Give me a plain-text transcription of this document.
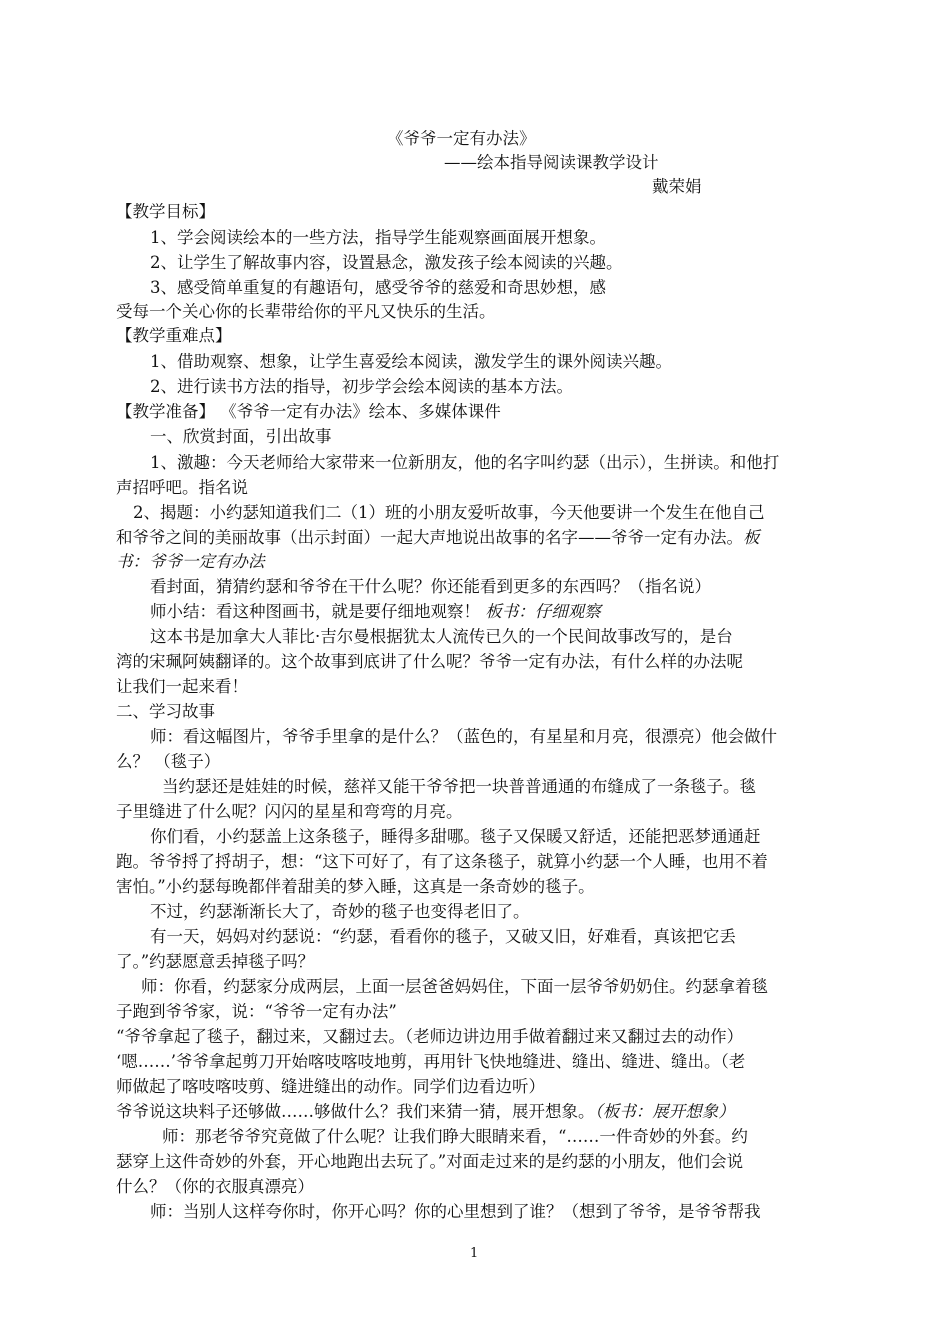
《爷爷一定有办法》
——绘本指导阅读课教学设计
戴荣娟
【教学目标】
1、学会阅读绘本的一些方法，指导学生能观察画面展开想象。
2、让学生了解故事内容，设置悬念，激发孩子绘本阅读的兴趣。
3、感受简单重复的有趣语句，感受爷爷的慈爱和奇思妙想，感
受每一个关心你的长辈带给你的平凡又快乐的生活。
【教学重难点】
1、借助观察、想象，让学生喜爱绘本阅读，激发学生的课外阅读兴趣。
2、进行读书方法的指导，初步学会绘本阅读的基本方法。
【教学准备】 《爷爷一定有办法》绘本、多媒体课件
一、欣赏封面，引出故事
1、激趣：今天老师给大家带来一位新朋友，他的名字叫约瑟（出示），生拼读。和他打
声招呼吧。指名说
2、揭题：小约瑟知道我们二（1）班的小朋友爱听故事，今天他要讲一个发生在他自己
和爷爷之间的美丽故事（出示封面）一起大声地说出故事的名字——爷爷一定有办法。板
书：爷爷一定有办法
看封面，猜猜约瑟和爷爷在干什么呢？你还能看到更多的东西吗？（指名说）
师小结：看这种图画书，就是要仔细地观察！ 板书：仔细观察
这本书是加拿大人菲比·吉尔曼根据犹太人流传已久的一个民间故事改写的，是台
湾的宋珮阿姨翻译的。这个故事到底讲了什么呢？爷爷一定有办法，有什么样的办法呢
让我们一起来看！
二、学习故事
师：看这幅图片，爷爷手里拿的是什么？（蓝色的，有星星和月亮，很漂亮）他会做什
么？ （毯子）
当约瑟还是娃娃的时候，慈祥又能干爷爷把一块普普通通的布缝成了一条毯子。毯
子里缝进了什么呢？闪闪的星星和弯弯的月亮。
你们看，小约瑟盖上这条毯子，睡得多甜哪。毯子又保暖又舒适，还能把恶梦通通赶
跑。爷爷捋了捋胡子，想：“这下可好了，有了这条毯子，就算小约瑟一个人睡，也用不着
害怕。”小约瑟每晚都伴着甜美的梦入睡，这真是一条奇妙的毯子。
不过，约瑟渐渐长大了，奇妙的毯子也变得老旧了。
有一天，妈妈对约瑟说：“约瑟，看看你的毯子，又破又旧，好难看，真该把它丢
了。”约瑟愿意丢掉毯子吗？
师：你看，约瑟家分成两层，上面一层爸爸妈妈住，下面一层爷爷奶奶住。约瑟拿着毯
子跑到爷爷家，说：“爷爷一定有办法”
“爷爷拿起了毯子，翻过来，又翻过去。（老师边讲边用手做着翻过来又翻过去的动作）
‘嗯……’爷爷拿起剪刀开始喀吱喀吱地剪，再用针飞快地缝进、缝出、缝进、缝出。（老
师做起了喀吱喀吱剪、缝进缝出的动作。同学们边看边听）
爷爷说这块料子还够做……够做什么？我们来猜一猜，展开想象。（板书：展开想象）
师：那老爷爷究竟做了什么呢？让我们睁大眼睛来看，“……一件奇妙的外套。约
瑟穿上这件奇妙的外套，开心地跑出去玩了。”对面走过来的是约瑟的小朋友，他们会说
什么？（你的衣服真漂亮）
师：当别人这样夸你时，你开心吗？你的心里想到了谁？（想到了爷爷，是爷爷帮我
1
